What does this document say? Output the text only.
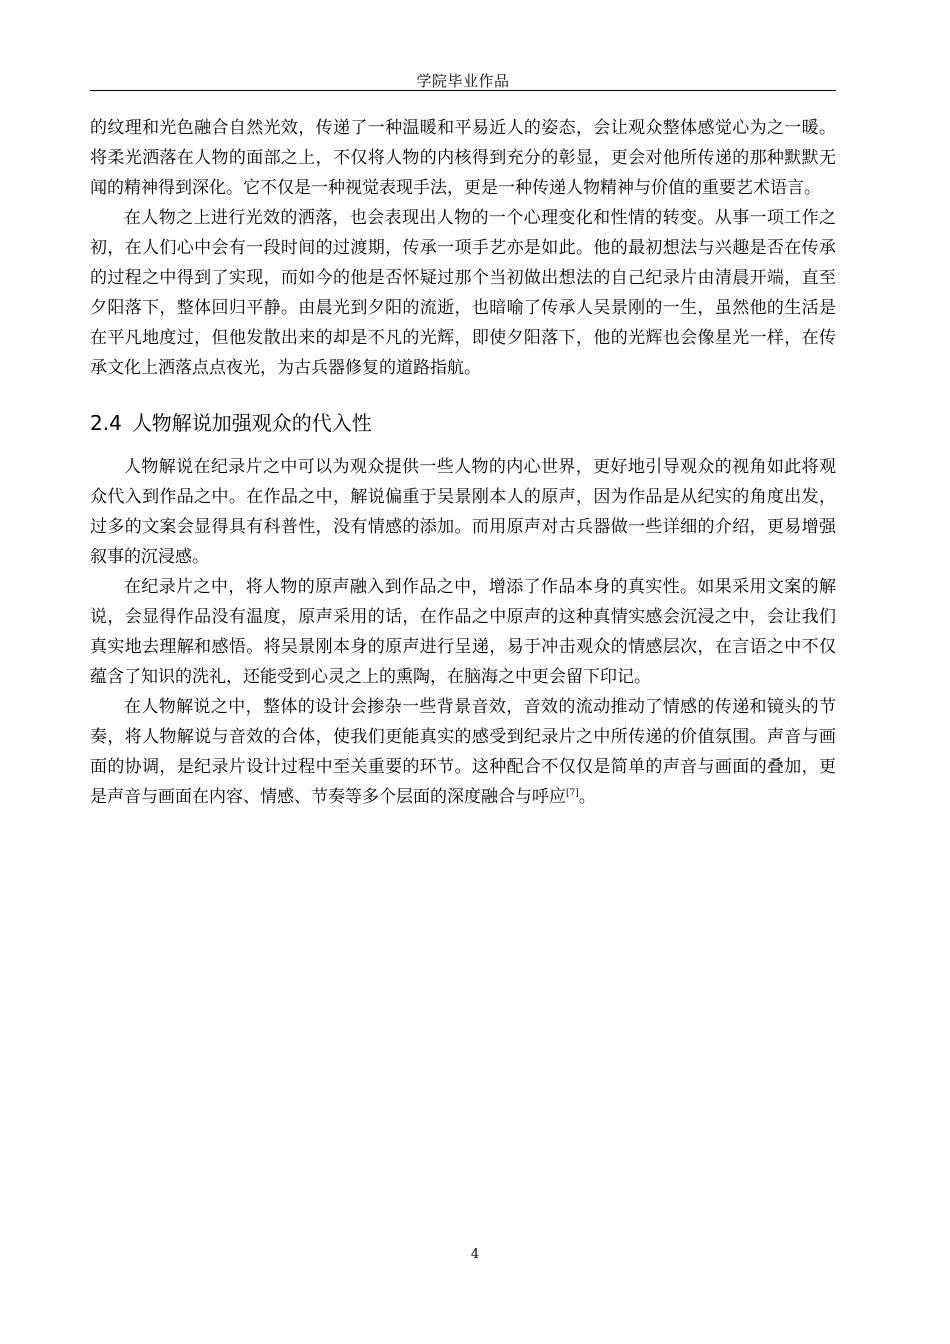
学院毕业作品

的纹理和光色融合自然光效，传递了一种温暖和平易近人的姿态，会让观众整体感觉心为之一暖。将柔光洒落在人物的面部之上，不仅将人物的内核得到充分的彰显，更会对他所传递的那种默默无闻的精神得到深化。它不仅是一种视觉表现手法，更是一种传递人物精神与价值的重要艺术语言。

在人物之上进行光效的洒落，也会表现出人物的一个心理变化和性情的转变。从事一项工作之初，在人们心中会有一段时间的过渡期，传承一项手艺亦是如此。他的最初想法与兴趣是否在传承的过程之中得到了实现，而如今的他是否怀疑过那个当初做出想法的自己纪录片由清晨开端，直至夕阳落下，整体回归平静。由晨光到夕阳的流逝，也暗喻了传承人吴景刚的一生，虽然他的生活是在平凡地度过，但他发散出来的却是不凡的光辉，即使夕阳落下，他的光辉也会像星光一样，在传承文化上洒落点点夜光，为古兵器修复的道路指航。

2.4 人物解说加强观众的代入性

人物解说在纪录片之中可以为观众提供一些人物的内心世界，更好地引导观众的视角如此将观众代入到作品之中。在作品之中，解说偏重于吴景刚本人的原声，因为作品是从纪实的角度出发，过多的文案会显得具有科普性，没有情感的添加。而用原声对古兵器做一些详细的介绍，更易增强叙事的沉浸感。

在纪录片之中，将人物的原声融入到作品之中，增添了作品本身的真实性。如果采用文案的解说，会显得作品没有温度，原声采用的话，在作品之中原声的这种真情实感会沉浸之中，会让我们真实地去理解和感悟。将吴景刚本身的原声进行呈递，易于冲击观众的情感层次，在言语之中不仅蕴含了知识的洗礼，还能受到心灵之上的熏陶，在脑海之中更会留下印记。

在人物解说之中，整体的设计会掺杂一些背景音效，音效的流动推动了情感的传递和镜头的节奏，将人物解说与音效的合体，使我们更能真实的感受到纪录片之中所传递的价值氛围。声音与画面的协调，是纪录片设计过程中至关重要的环节。这种配合不仅仅是简单的声音与画面的叠加，更是声音与画面在内容、情感、节奏等多个层面的深度融合与呼应[7]。

4
